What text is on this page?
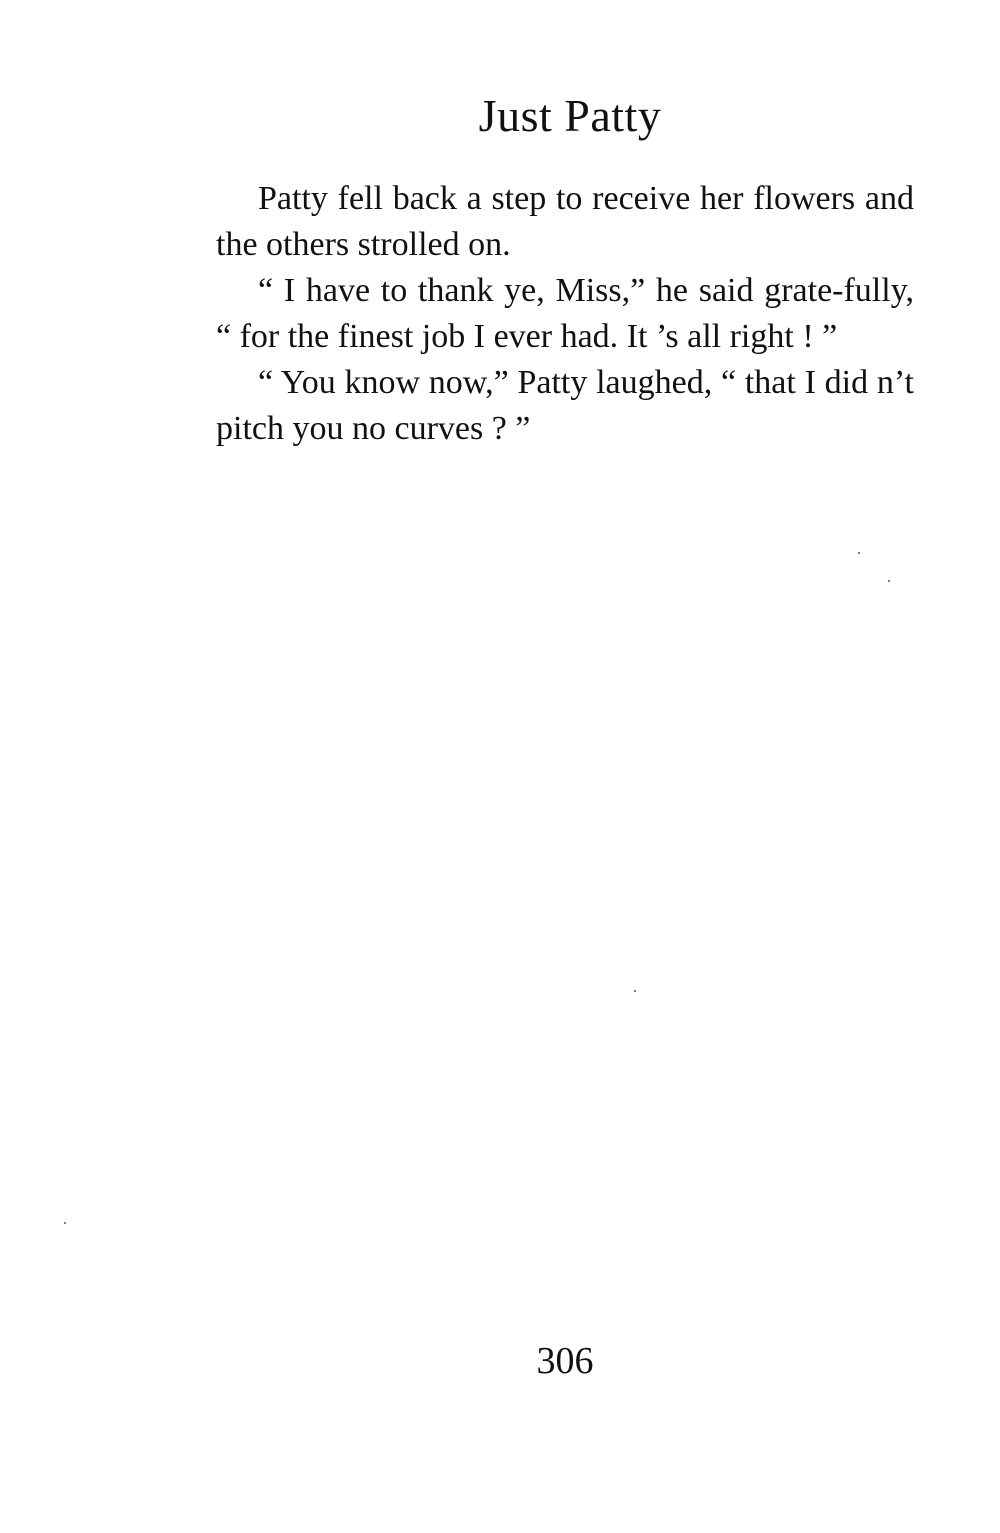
Just Patty

Patty fell back a step to receive her flowers and the others strolled on.

“ I have to thank ye, Miss,” he said grate-fully, “ for the finest job I ever had. It ’s all right ! ”

“ You know now,” Patty laughed, “ that I did n’t pitch you no curves ? ”

306
